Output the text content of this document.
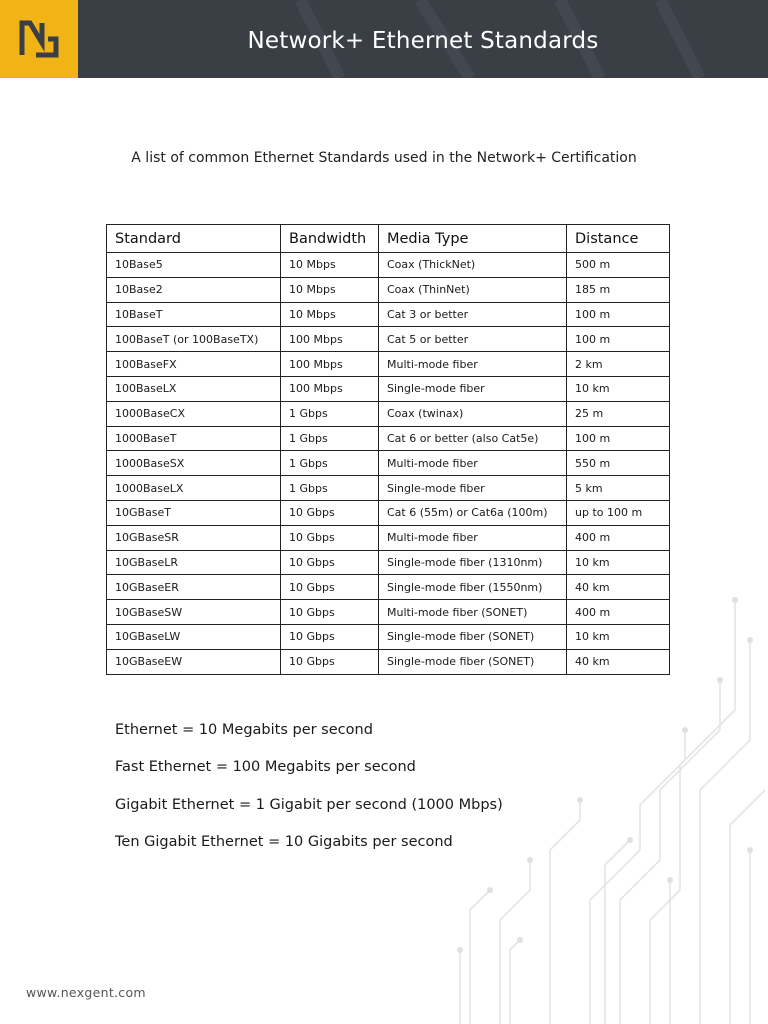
Network+ Ethernet Standards
A list of common Ethernet Standards used in the Network+ Certification
Standard	Bandwidth	Media Type	Distance
10Base5	10 Mbps	Coax (ThickNet)	500 m
10Base2	10 Mbps	Coax (ThinNet)	185 m
10BaseT	10 Mbps	Cat 3 or better	100 m
100BaseT (or 100BaseTX)	100 Mbps	Cat 5 or better	100 m
100BaseFX	100 Mbps	Multi-mode fiber	2 km
100BaseLX	100 Mbps	Single-mode fiber	10 km
1000BaseCX	1 Gbps	Coax (twinax)	25 m
1000BaseT	1 Gbps	Cat 6 or better (also Cat5e)	100 m
1000BaseSX	1 Gbps	Multi-mode fiber	550 m
1000BaseLX	1 Gbps	Single-mode fiber	5 km
10GBaseT	10 Gbps	Cat 6 (55m) or Cat6a (100m)	up to 100 m
10GBaseSR	10 Gbps	Multi-mode fiber	400 m
10GBaseLR	10 Gbps	Single-mode fiber (1310nm)	10 km
10GBaseER	10 Gbps	Single-mode fiber (1550nm)	40 km
10GBaseSW	10 Gbps	Multi-mode fiber (SONET)	400 m
10GBaseLW	10 Gbps	Single-mode fiber (SONET)	10 km
10GBaseEW	10 Gbps	Single-mode fiber (SONET)	40 km
Ethernet = 10 Megabits per second
Fast Ethernet = 100 Megabits per second
Gigabit Ethernet = 1 Gigabit per second (1000 Mbps)
Ten Gigabit Ethernet = 10 Gigabits per second
www.nexgent.com
